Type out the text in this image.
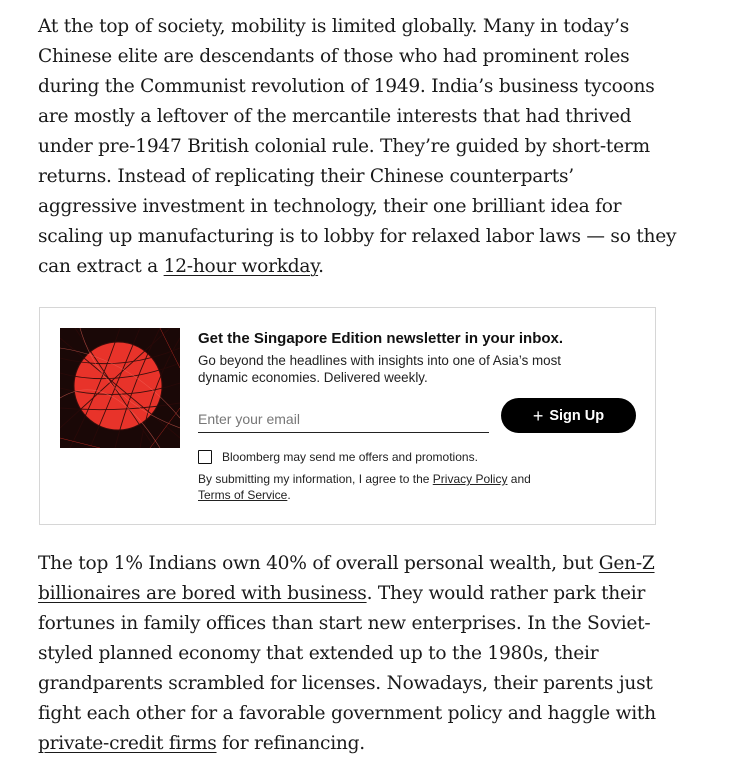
At the top of society, mobility is limited globally. Many in today’s Chinese elite are descendants of those who had prominent roles during the Communist revolution of 1949. India’s business tycoons are mostly a leftover of the mercantile interests that had thrived under pre-1947 British colonial rule. They’re guided by short-term returns. Instead of replicating their Chinese counterparts’ aggressive investment in technology, their one brilliant idea for scaling up manufacturing is to lobby for relaxed labor laws — so they can extract a 12-hour workday.

Get the Singapore Edition newsletter in your inbox.

Go beyond the headlines with insights into one of Asia’s most dynamic economies. Delivered weekly.

Enter your email
+ Sign Up
Bloomberg may send me offers and promotions.
By submitting my information, I agree to the Privacy Policy and Terms of Service.

The top 1% Indians own 40% of overall personal wealth, but Gen-Z billionaires are bored with business. They would rather park their fortunes in family offices than start new enterprises. In the Soviet-styled planned economy that extended up to the 1980s, their grandparents scrambled for licenses. Nowadays, their parents just fight each other for a favorable government policy and haggle with private-credit firms for refinancing.
